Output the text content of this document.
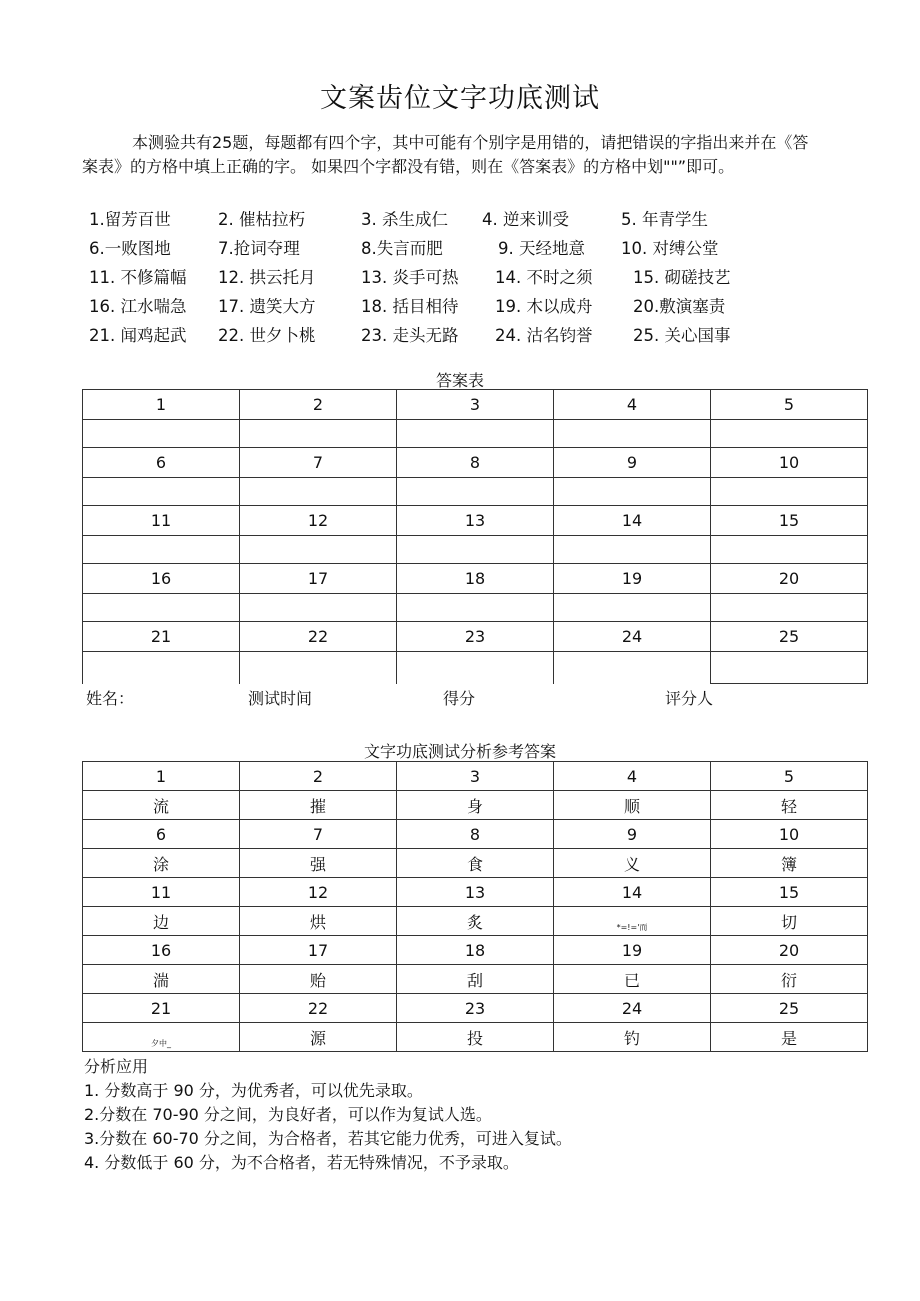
文案齿位文字功底测试

本测验共有25题，每题都有四个字，其中可能有个别字是用错的，请把错误的字指出来并在《答案表》的方格中填上正确的字。 如果四个字都没有错，则在《答案表》的方格中划""”即可。

1.留芳百世	2. 催枯拉朽	3. 杀生成仁 4. 逆来训受	5. 年青学生
6.一败图地	7.抢词夺理	8.失言而肥	9. 天经地意 10. 对缚公堂
11. 不修篇幅 12. 拱云托月	13. 炎手可热 14. 不时之须 15. 砌磋技艺
16. 江水喘急 17. 遗笑大方	18. 括目相待 19. 木以成舟 20.敷演塞责
21. 闻鸡起武 22. 世夕卜桃	23. 走头无路 24. 沽名钧誉 25. 关心国事
答案表
1	2	3	4	5

6	7	8	9	10

11	12	13	14	15

16	17	18	19	20

21	22	23	24	25

姓名：	测试时间	得分	评分人
文字功底测试分析参考答案
1	2	3	4	5
流	摧	身	顺	轻
6	7	8	9	10
涂	强	食	义	簿
11	12	13	14	15
边	烘	炙	*=!='而	切
16	17	18	19	20
湍	贻	刮	已	衍
21	22	23	24	25
夕中_	源	投	钓	是
分析应用
1. 分数高于 90 分，为优秀者，可以优先录取。
2.分数在 70-90 分之间，为良好者，可以作为复试人选。
3.分数在 60-70 分之间，为合格者，若其它能力优秀，可进入复试。
4. 分数低于 60 分，为不合格者，若无特殊情况，不予录取。
